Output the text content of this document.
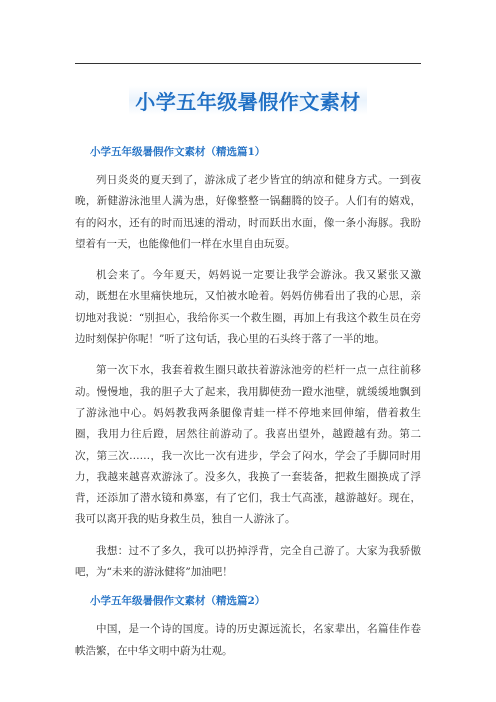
小学五年级暑假作文素材
小学五年级暑假作文素材（精选篇1）

列日炎炎的夏天到了，游泳成了老少皆宜的纳凉和健身方式。一到夜晚，新健游泳池里人满为患，好像整整一锅翻腾的饺子。人们有的嬉戏，有的闷水，还有的时而迅速的滑动，时而跃出水面，像一条小海豚。我盼望着有一天，也能像他们一样在水里自由玩耍。

机会来了。今年夏天，妈妈说一定要让我学会游泳。我又紧张又激动，既想在水里痛快地玩，又怕被水呛着。妈妈仿佛看出了我的心思，亲切地对我说：“别担心，我给你买一个救生圈，再加上有我这个救生员在旁边时刻保护你呢！”听了这句话，我心里的石头终于落了一半的地。

第一次下水，我套着救生圈只敢扶着游泳池旁的栏杆一点一点往前移动。慢慢地，我的胆子大了起来，我用脚使劲一蹬水池壁，就缓缓地飘到了游泳池中心。妈妈教我两条腿像青蛙一样不停地来回伸缩，借着救生圈，我用力往后蹬，居然往前游动了。我喜出望外，越蹬越有劲。第二次，第三次……，我一次比一次有进步，学会了闷水，学会了手脚同时用力，我越来越喜欢游泳了。没多久，我换了一套装备，把救生圈换成了浮背，还添加了潜水镜和鼻塞，有了它们，我士气高涨，越游越好。现在，我可以离开我的贴身救生员，独自一人游泳了。

我想：过不了多久，我可以扔掉浮背，完全自己游了。大家为我骄傲吧，为“未来的游泳健将”加油吧！

小学五年级暑假作文素材（精选篇2）

中国，是一个诗的国度。诗的历史源远流长，名家辈出，名篇佳作卷帙浩繁，在中华文明中蔚为壮观。
